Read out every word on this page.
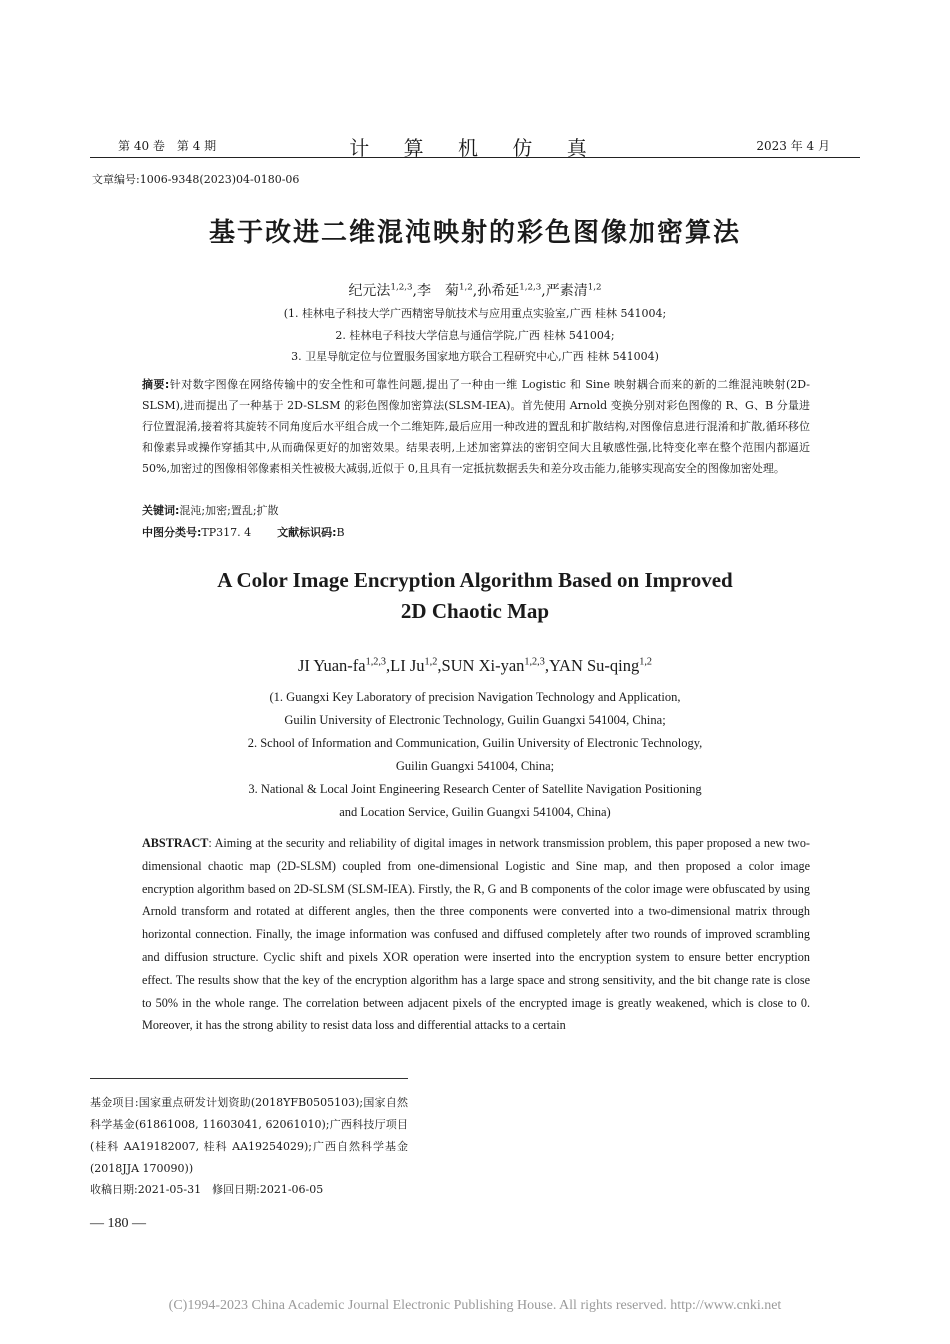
第 40 卷　第 4 期	计 算 机 仿 真	2023 年 4 月
文章编号:1006-9348(2023)04-0180-06
基于改进二维混沌映射的彩色图像加密算法
纪元法$^{1,2,3}$,李　菊$^{1,2}$,孙希延$^{1,2,3}$,严素清$^{1,2}$
(1. 桂林电子科技大学广西精密导航技术与应用重点实验室,广西 桂林 541004;
2. 桂林电子科技大学信息与通信学院,广西 桂林 541004;
3. 卫星导航定位与位置服务国家地方联合工程研究中心,广西 桂林 541004)
摘要:针对数字图像在网络传输中的安全性和可靠性问题,提出了一种由一维 Logistic 和 Sine 映射耦合而来的新的二维混沌映射(2D-SLSM),进而提出了一种基于 2D-SLSM 的彩色图像加密算法(SLSM-IEA)。首先使用 Arnold 变换分别对彩色图像的 R、G、B 分量进行位置混淆,接着将其旋转不同角度后水平组合成一个二维矩阵,最后应用一种改进的置乱和扩散结构,对图像信息进行混淆和扩散,循环移位和像素异或操作穿插其中,从而确保更好的加密效果。结果表明,上述加密算法的密钥空间大且敏感性强,比特变化率在整个范围内都逼近 50%,加密过的图像相邻像素相关性被极大减弱,近似于 0,且具有一定抵抗数据丢失和差分攻击能力,能够实现高安全的图像加密处理。
关键词:混沌;加密;置乱;扩散
中图分类号:TP317. 4 文献标识码:B
A Color Image Encryption Algorithm Based on Improved
2D Chaotic Map
JI Yuan-fa$^{1,2,3}$,LI Ju$^{1,2}$,SUN Xi-yan$^{1,2,3}$,YAN Su-qing$^{1,2}$
(1. Guangxi Key Laboratory of precision Navigation Technology and Application,
Guilin University of Electronic Technology, Guilin Guangxi 541004, China;
2. School of Information and Communication, Guilin University of Electronic Technology,
Guilin Guangxi 541004, China;
3. National & Local Joint Engineering Research Center of Satellite Navigation Positioning
and Location Service, Guilin Guangxi 541004, China)
ABSTRACT: Aiming at the security and reliability of digital images in network transmission problem, this paper proposed a new two-dimensional chaotic map (2D-SLSM) coupled from one-dimensional Logistic and Sine map, and then proposed a color image encryption algorithm based on 2D-SLSM (SLSM-IEA). Firstly, the R, G and B components of the color image were obfuscated by using Arnold transform and rotated at different angles, then the three components were converted into a two-dimensional matrix through horizontal connection. Finally, the image information was confused and diffused completely after two rounds of improved scrambling and diffusion structure. Cyclic shift and pixels XOR operation were inserted into the encryption system to ensure better encryption effect. The results show that the key of the encryption algorithm has a large space and strong sensitivity, and the bit change rate is close to 50% in the whole range. The correlation between adjacent pixels of the encrypted image is greatly weakened, which is close to 0. Moreover, it has the strong ability to resist data loss and differential attacks to a certain
基金项目:国家重点研发计划资助(2018YFB0505103);国家自然科学基金(61861008, 11603041, 62061010);广西科技厅项目(桂科 AA19182007, 桂科 AA19254029);广西自然科学基金(2018JJA 170090))
收稿日期:2021-05-31　修回日期:2021-06-05
— 180 —
(C)1994-2023 China Academic Journal Electronic Publishing House. All rights reserved. http://www.cnki.net
